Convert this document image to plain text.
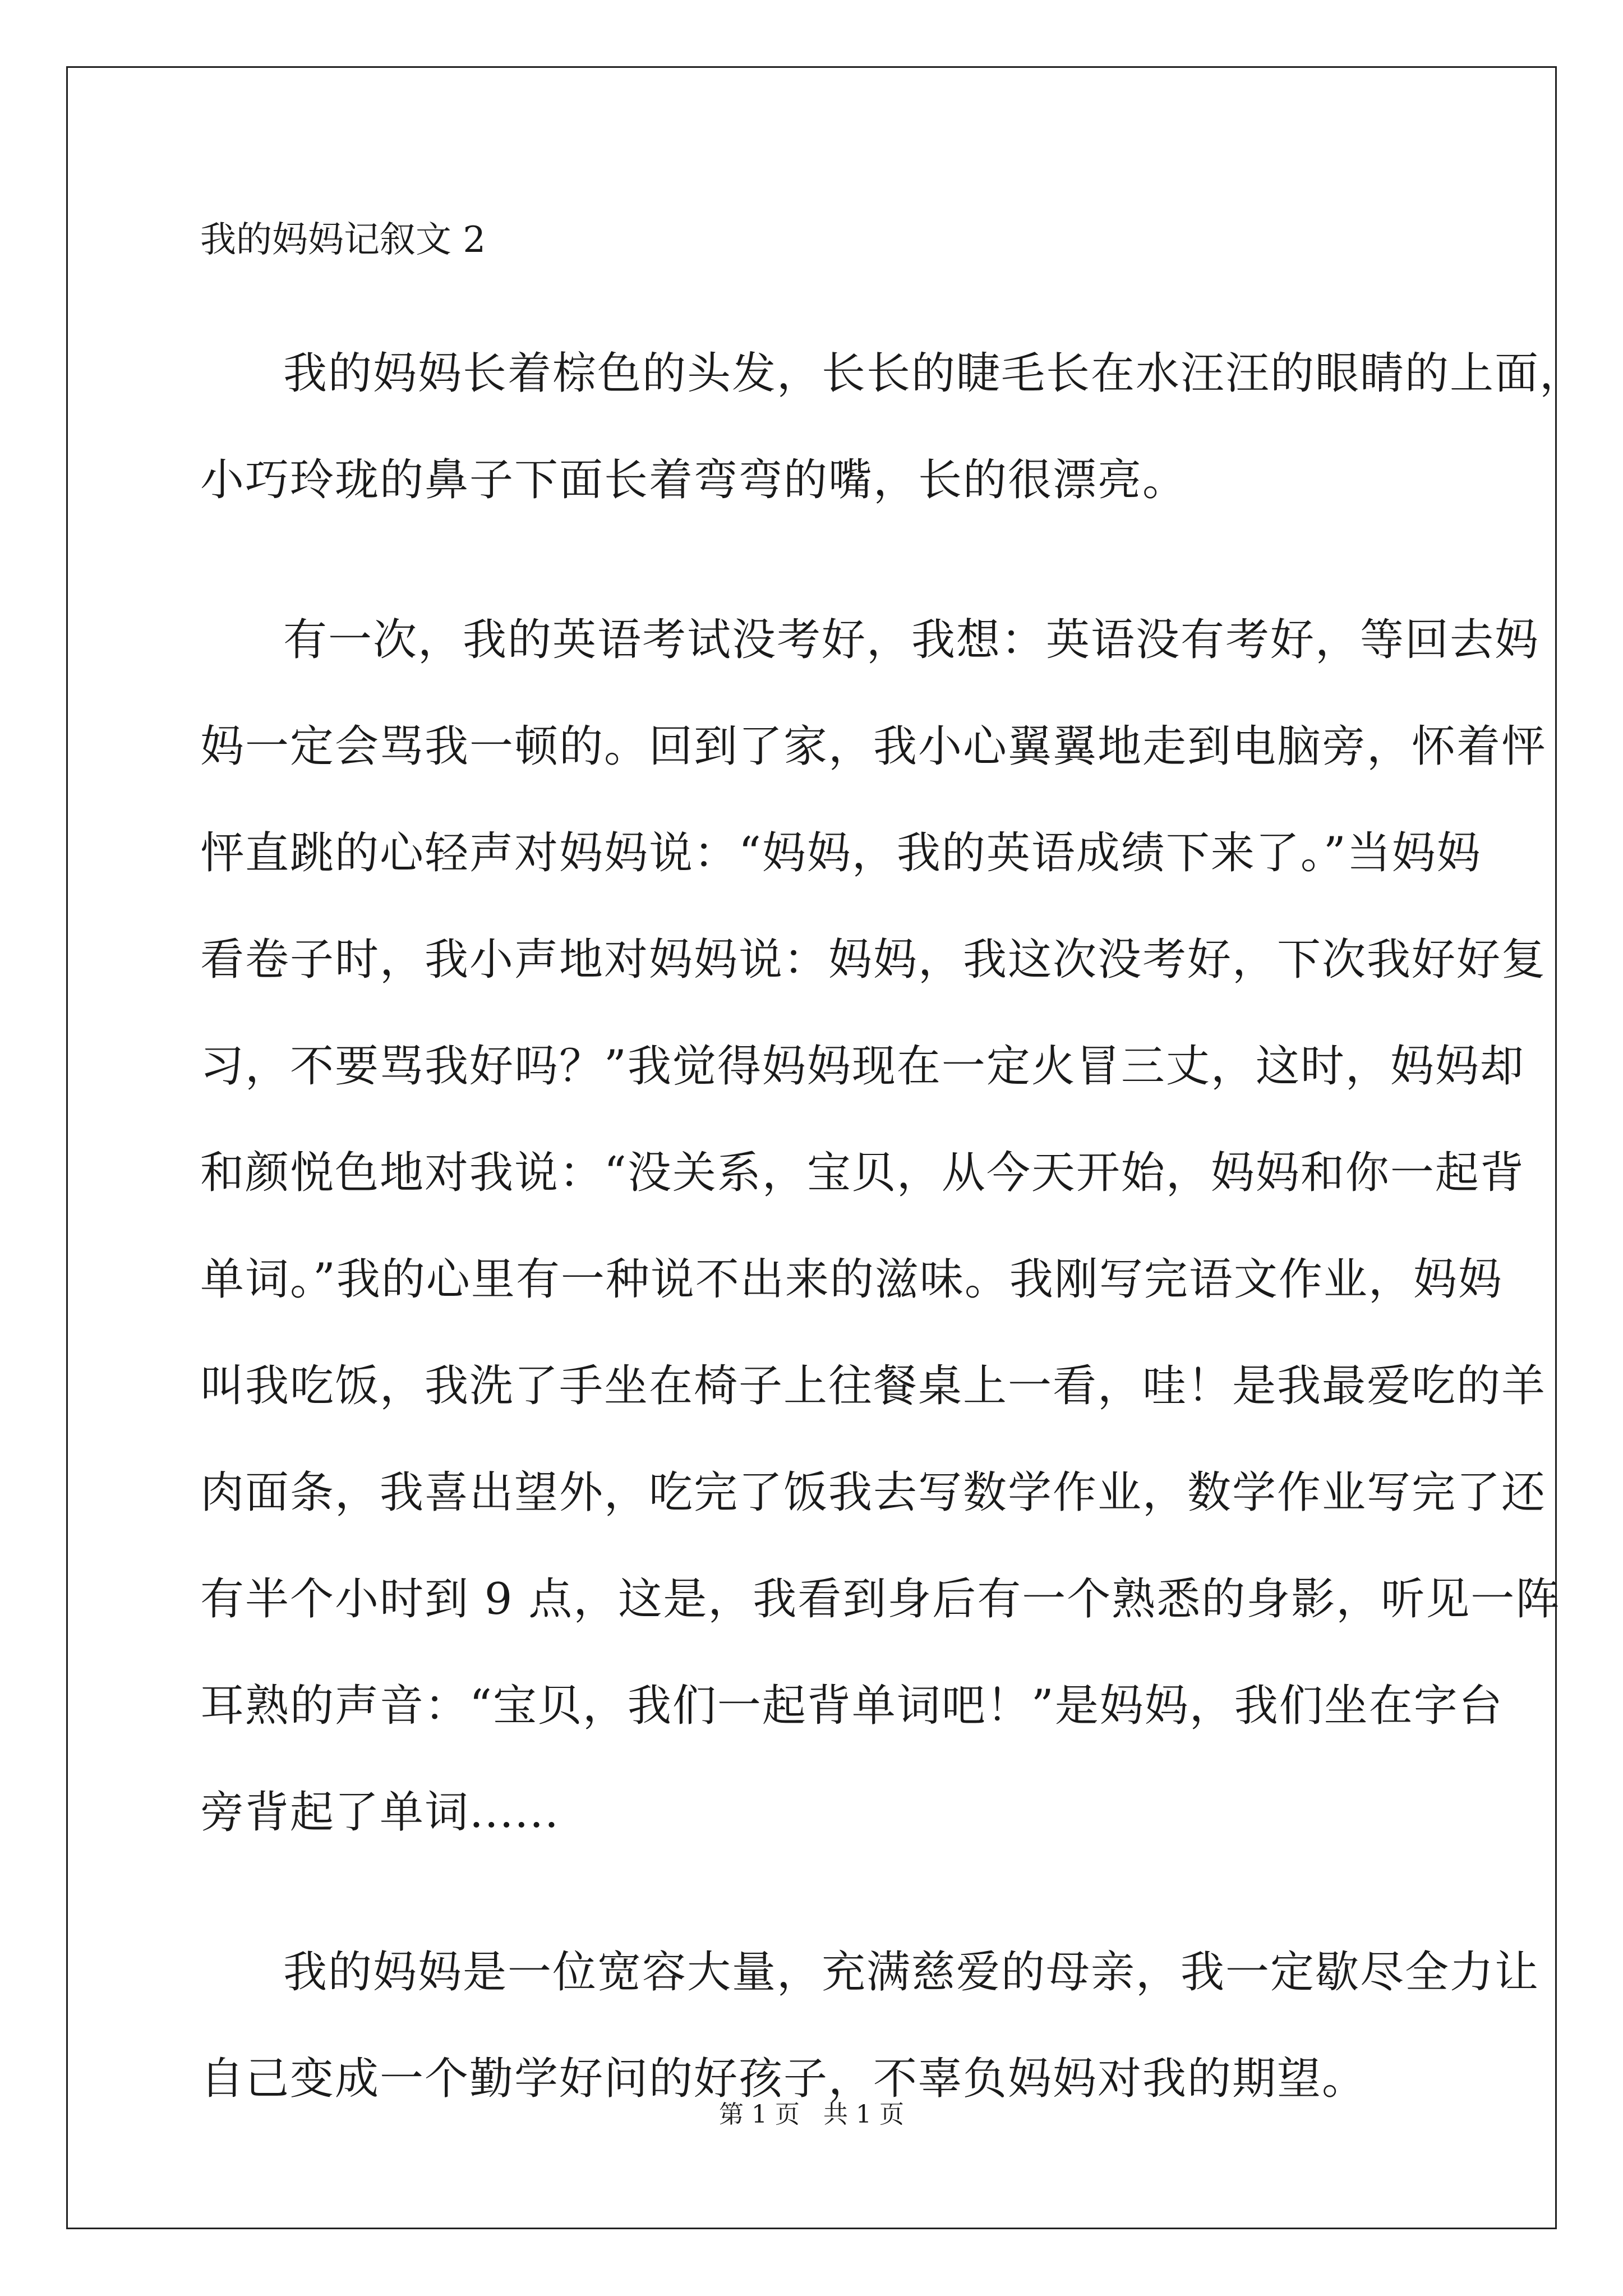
我的妈妈记叙文 2
我的妈妈长着棕色的头发，长长的睫毛长在水汪汪的眼睛的上面，
小巧玲珑的鼻子下面长着弯弯的嘴，长的很漂亮。
有一次，我的英语考试没考好，我想：英语没有考好，等回去妈
妈一定会骂我一顿的。回到了家，我小心翼翼地走到电脑旁，怀着怦
怦直跳的心轻声对妈妈说：“妈妈，我的英语成绩下来了。”当妈妈
看卷子时，我小声地对妈妈说：妈妈，我这次没考好，下次我好好复
习，不要骂我好吗？”我觉得妈妈现在一定火冒三丈，这时，妈妈却
和颜悦色地对我说：“没关系，宝贝，从今天开始，妈妈和你一起背
单词。”我的心里有一种说不出来的滋味。我刚写完语文作业，妈妈
叫我吃饭，我洗了手坐在椅子上往餐桌上一看，哇！是我最爱吃的羊
肉面条，我喜出望外，吃完了饭我去写数学作业，数学作业写完了还
有半个小时到 9 点，这是，我看到身后有一个熟悉的身影，听见一阵
耳熟的声音：“宝贝，我们一起背单词吧！”是妈妈，我们坐在字台
旁背起了单词......
我的妈妈是一位宽容大量，充满慈爱的母亲，我一定歇尽全力让
自己变成一个勤学好问的好孩子，不辜负妈妈对我的期望。
第 1 页   共 1 页
